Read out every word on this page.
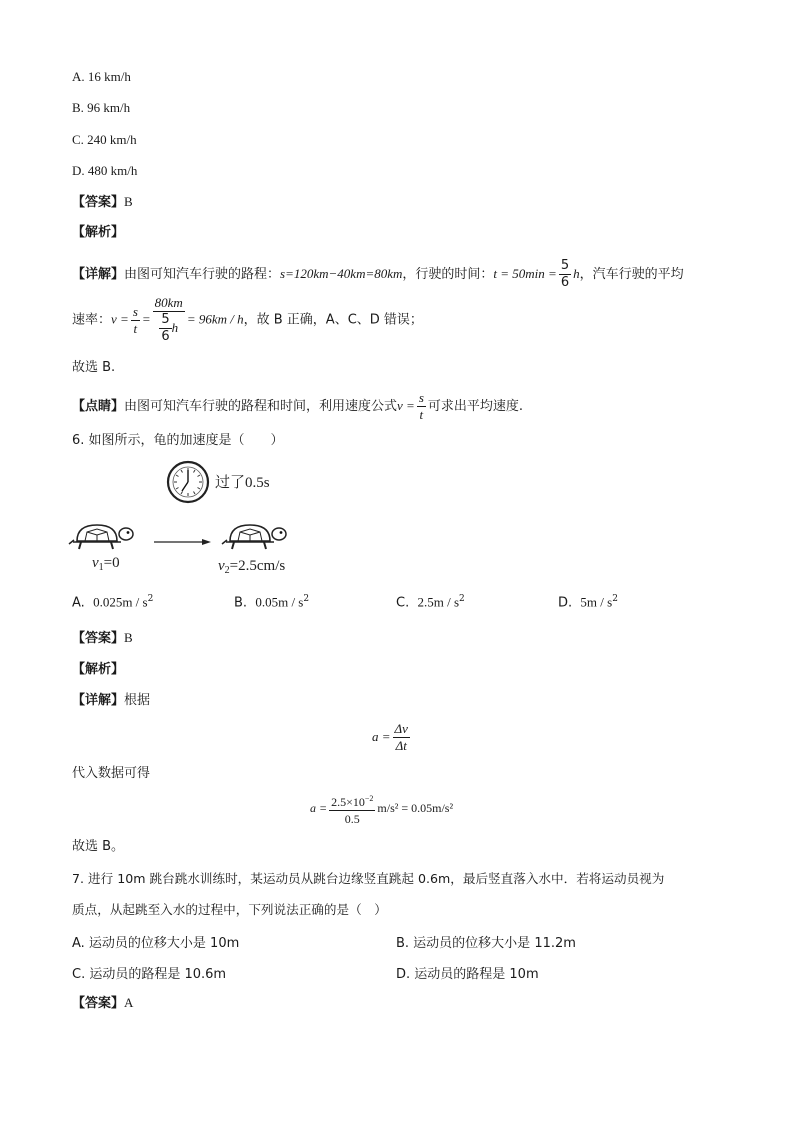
A. 16 km/h
B. 96 km/h
C. 240 km/h
D. 480 km/h
【答案】B
【解析】
【详解】由图可知汽车行驶的路程：s=120km−40km=80km，行驶的时间：$t = 50\min = \frac{5}{6}$ h，汽车行驶的平均
速率：$v = \frac{s}{t} = \frac{80km}{\frac{5}{6} h} = 96km / h$，故 B 正确，A、C、D 错误；
故选 B.
【点睛】由图可知汽车行驶的路程和时间，利用速度公式$v = \frac{s}{t}$ 可求出平均速度.
6. 如图所示，龟的加速度是（　　）
过了0.5s
$v_1=0$	$v_2=2.5cm/s$
A. $0.025m / s^2$	B. $0.05m / s^2$	C. $2.5m / s^2$	D. $5m / s^2$
【答案】B
【解析】
【详解】根据
$a = \frac{\Delta v}{\Delta t}$
代入数据可得
$a = \frac{2.5\times 10^{-2}}{0.5} m/s^2 = 0.05m/s^2$
故选 B。
7. 进行 10m 跳台跳水训练时，某运动员从跳台边缘竖直跳起 0.6m，最后竖直落入水中．若将运动员视为
质点，从起跳至入水的过程中，下列说法正确的是（　）
A. 运动员的位移大小是 10m	B. 运动员的位移大小是 11.2m
C. 运动员的路程是 10.6m	D. 运动员的路程是 10m
【答案】A
